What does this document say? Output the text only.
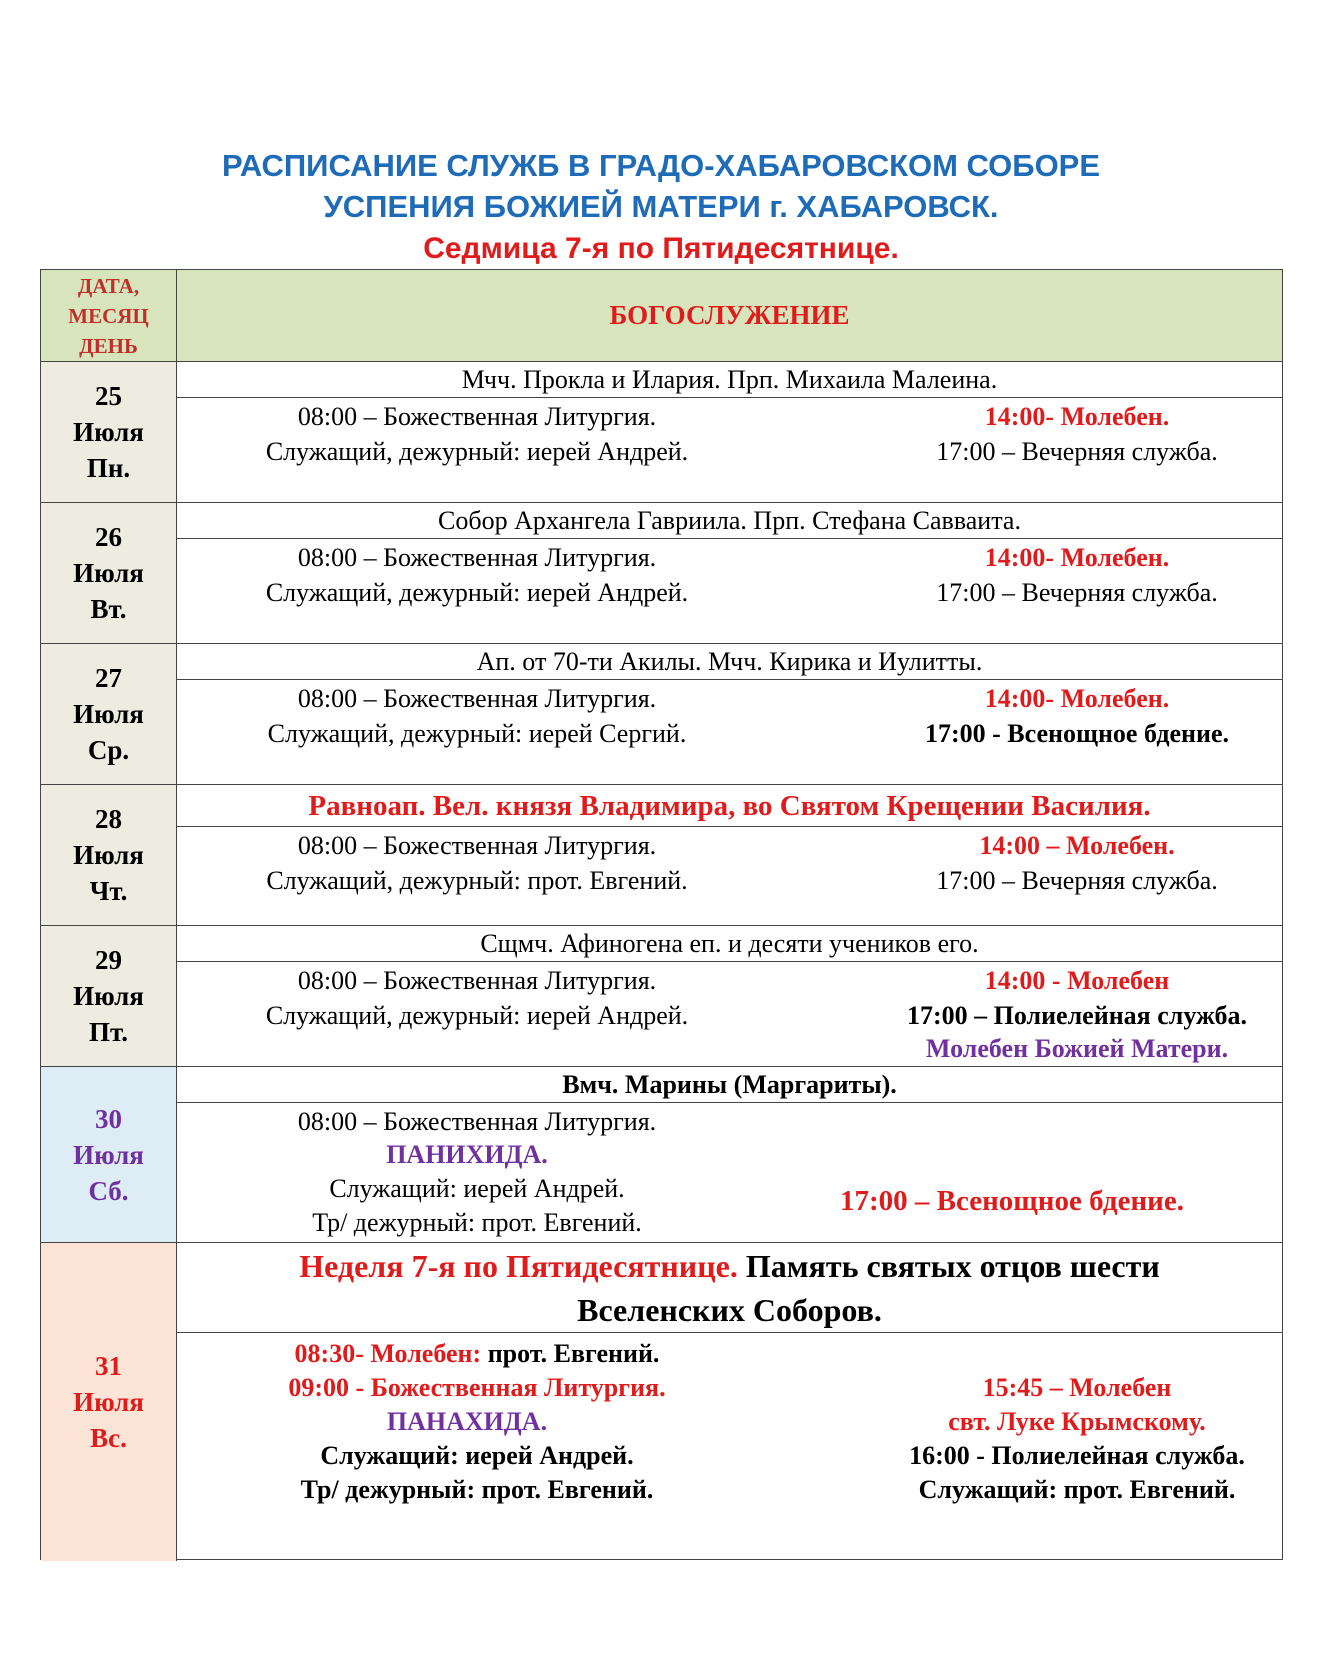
РАСПИСАНИЕ СЛУЖБ В ГРАДО-ХАБАРОВСКОМ СОБОРЕ
УСПЕНИЯ БОЖИЕЙ МАТЕРИ г. ХАБАРОВСК.
Седмица 7-я по Пятидесятнице.
ДАТА,
МЕСЯЦ
ДЕНЬ
БОГОСЛУЖЕНИЕ
25
Июля
Пн.
Мчч. Прокла и Илария. Прп. Михаила Малеина.
08:00 – Божественная Литургия.
Служащий, дежурный: иерей Андрей.
14:00- Молебен.
17:00 – Вечерняя служба.
26
Июля
Вт.
Собор Архангела Гавриила. Прп. Стефана Савваита.
08:00 – Божественная Литургия.
Служащий, дежурный: иерей Андрей.
14:00- Молебен.
17:00 – Вечерняя служба.
27
Июля
Ср.
Ап. от 70-ти Акилы. Мчч. Кирика и Иулитты.
08:00 – Божественная Литургия.
Служащий, дежурный: иерей Сергий.
14:00- Молебен.
17:00 - Всенощное бдение.
28
Июля
Чт.
Равноап. Вел. князя Владимира, во Святом Крещении Василия.
08:00 – Божественная Литургия.
Служащий, дежурный: прот. Евгений.
14:00 – Молебен.
17:00 – Вечерняя служба.
29
Июля
Пт.
Сщмч. Афиногена еп. и десяти учеников его.
08:00 – Божественная Литургия.
Служащий, дежурный: иерей Андрей.
14:00 - Молебен
17:00 – Полиелейная служба.
Молебен Божией Матери.
30
Июля
Сб.
Вмч. Марины (Маргариты).
08:00 – Божественная Литургия.
ПАНИХИДА.
Служащий: иерей Андрей.
Тр/ дежурный: прот. Евгений.
17:00 – Всенощное бдение.
31
Июля
Вс.
Неделя 7-я по Пятидесятнице. Память святых отцов шести
Вселенских Соборов.
08:30- Молебен: прот. Евгений.
09:00 - Божественная Литургия.
ПАНАХИДА.
Служащий: иерей Андрей.
Тр/ дежурный: прот. Евгений.
15:45 – Молебен
свт. Луке Крымскому.
16:00 - Полиелейная служба.
Служащий: прот. Евгений.
